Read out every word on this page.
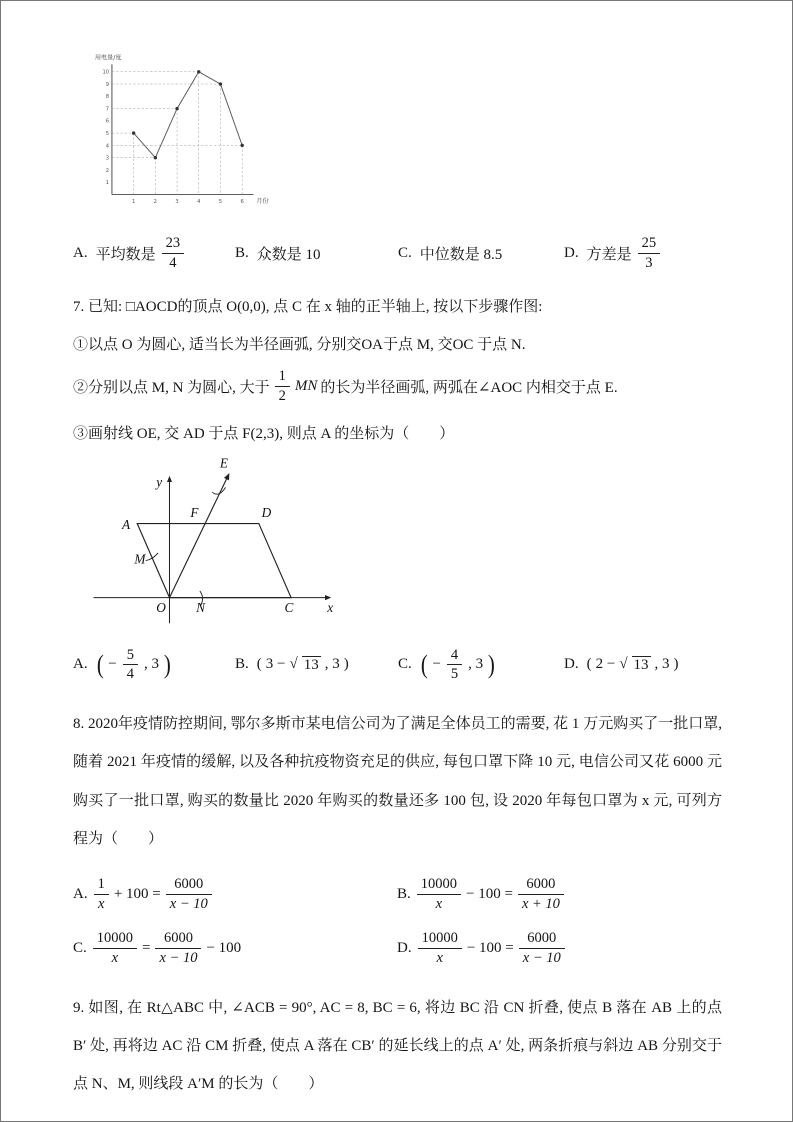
1
2
3
4
5
6
7
8
9
10
1	2	3	4	5	6
用电量/度
月份
A. 平均数是 $\frac{23}{4}$	B. 众数是 10	C. 中位数是 8.5	D. 方差是 $\frac{25}{3}$

7. 已知: □AOCD的顶点 O(0,0), 点 C 在 x 轴的正半轴上, 按以下步骤作图:

①以点 O 为圆心, 适当长为半径画弧, 分别交OA于点 M, 交OC 于点 N.

②分别以点 M, N 为圆心, 大于 $\frac{1}{2}$ MN 的长为半径画弧, 两弧在∠AOC 内相交于点 E.

③画射线 OE, 交 AD 于点 F(2,3), 则点 A 的坐标为（　　）

y
x
O N	C
A
D
F
M
E
A. ( − $\frac{5}{4}$ , 3 )	B. ( 3 − √ 13 , 3 )	C. ( − $\frac{4}{5}$ , 3 )	D. ( 2 − √ 13 , 3 )

8. 2020年疫情防控期间, 鄂尔多斯市某电信公司为了满足全体员工的需要, 花 1 万元购买了一批口罩, 随着 2021 年疫情的缓解, 以及各种抗疫物资充足的供应, 每包口罩下降 10 元, 电信公司又花 6000 元购买了一批口罩, 购买的数量比 2020 年购买的数量还多 100 包, 设 2020 年每包口罩为 x 元, 可列方程为（　　）

A. $\frac{1}{x} + 100 = \frac{6000}{x - 10}$	B. $\frac{10000}{x} - 100 = \frac{6000}{x + 10}$
C. $\frac{10000}{x} = \frac{6000}{x - 10} - 100$	D. $\frac{10000}{x} - 100 = \frac{6000}{x - 10}$

9. 如图, 在 Rt△ABC 中, ∠ACB = 90°, AC = 8, BC = 6, 将边 BC 沿 CN 折叠, 使点 B 落在 AB 上的点 B′ 处, 再将边 AC 沿 CM 折叠, 使点 A 落在 CB′ 的延长线上的点 A′ 处, 两条折痕与斜边 AB 分别交于点 N、M, 则线段 A′M 的长为（　　）
